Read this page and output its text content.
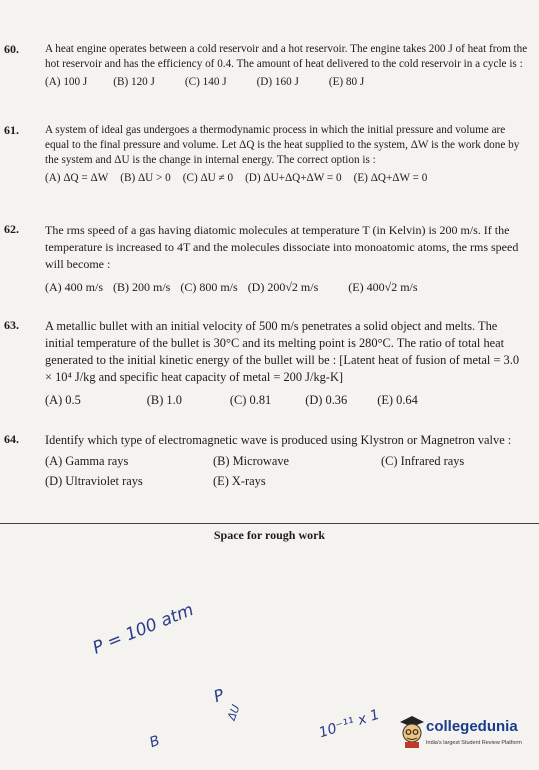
60. A heat engine operates between a cold reservoir and a hot reservoir. The engine takes 200 J of heat from the hot reservoir and has the efficiency of 0.4. The amount of heat delivered to the cold reservoir in a cycle is :
(A) 100 J (B) 120 J	(C) 140 J	(D) 160 J	(E) 80 J
61. A system of ideal gas undergoes a thermodynamic process in which the initial pressure and volume are equal to the final pressure and volume. Let ΔQ is the heat supplied to the system, ΔW is the work done by the system and ΔU is the change in internal energy. The correct option is :
(A) ΔQ = ΔW (B) ΔU > 0 (C) ΔU ≠ 0 (D) ΔU+ΔQ+ΔW = 0 (E) ΔQ+ΔW = 0
62. The rms speed of a gas having diatomic molecules at temperature T (in Kelvin) is 200 m/s. If the temperature is increased to 4T and the molecules dissociate into monoatomic atoms, the rms speed will become :
(A) 400 m/s (B) 200 m/s (C) 800 m/s (D) 200√2 m/s	(E) 400√2 m/s
63. A metallic bullet with an initial velocity of 500 m/s penetrates a solid object and melts. The initial temperature of the bullet is 30°C and its melting point is 280°C. The ratio of total heat generated to the initial kinetic energy of the bullet will be : [Latent heat of fusion of metal = 3.0 × 10⁴ J/kg and specific heat capacity of metal = 200 J/kg-K]
(A) 0.5	(B) 1.0	(C) 0.81	(D) 0.36 (E) 0.64
64. Identify which type of electromagnetic wave is produced using Klystron or Magnetron valve :
(A) Gamma rays	(B) Microwave	(C) Infrared rays
(D) Ultraviolet rays	(E) X-rays
Space for rough work
P = 100 atm
P
ΔU
B
10⁻¹¹ x 1	collegedunia
India's largest Student Review Platform
